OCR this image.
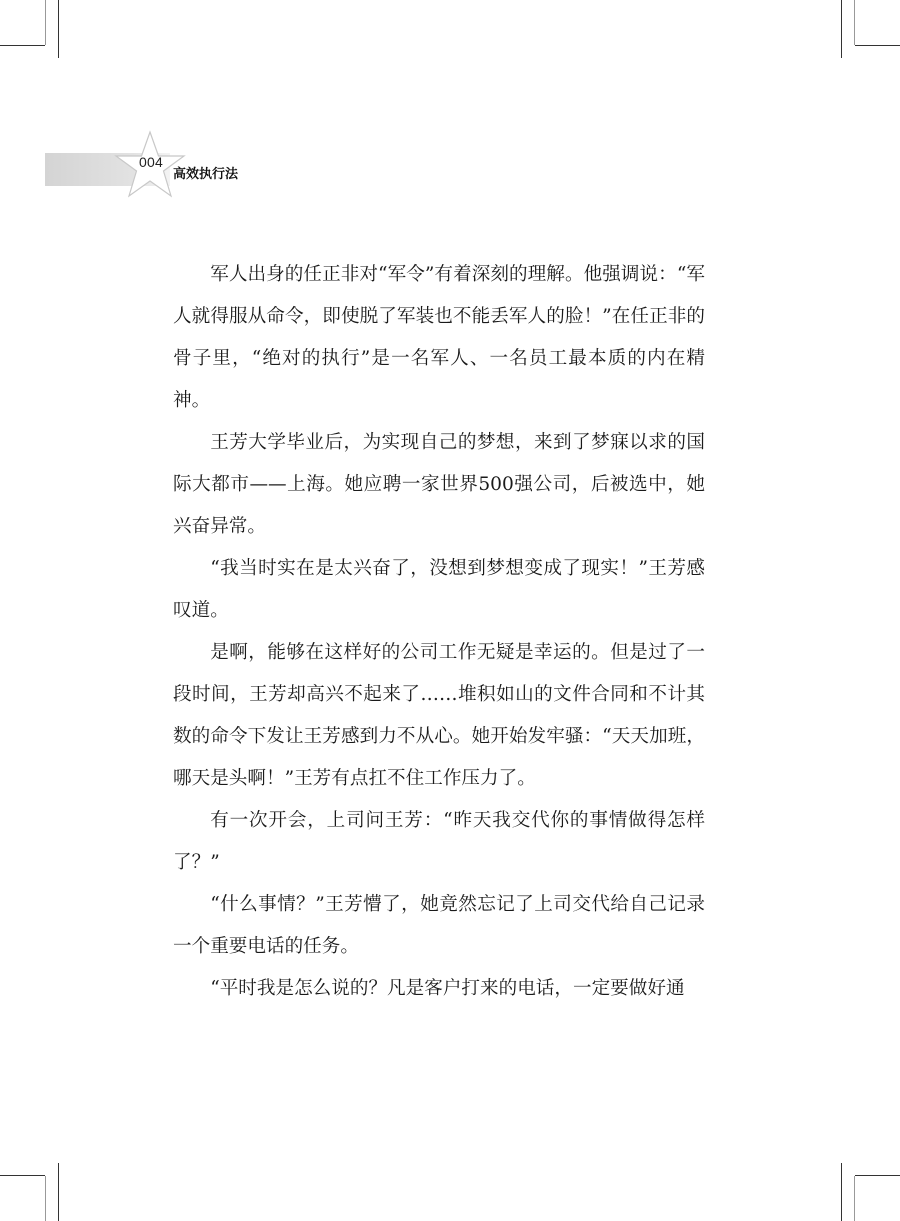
004
高效执行法

军人出身的任正非对“军令”有着深刻的理解。他强调说：“军人就得服从命令，即使脱了军装也不能丢军人的脸！”在任正非的骨子里，“绝对的执行”是一名军人、一名员工最本质的内在精神。

王芳大学毕业后，为实现自己的梦想，来到了梦寐以求的国际大都市——上海。她应聘一家世界500强公司，后被选中，她兴奋异常。

“我当时实在是太兴奋了，没想到梦想变成了现实！”王芳感叹道。

是啊，能够在这样好的公司工作无疑是幸运的。但是过了一段时间，王芳却高兴不起来了……堆积如山的文件合同和不计其数的命令下发让王芳感到力不从心。她开始发牢骚：“天天加班，哪天是头啊！”王芳有点扛不住工作压力了。

有一次开会，上司问王芳：“昨天我交代你的事情做得怎样了？”

“什么事情？”王芳懵了，她竟然忘记了上司交代给自己记录一个重要电话的任务。

“平时我是怎么说的？凡是客户打来的电话，一定要做好通
